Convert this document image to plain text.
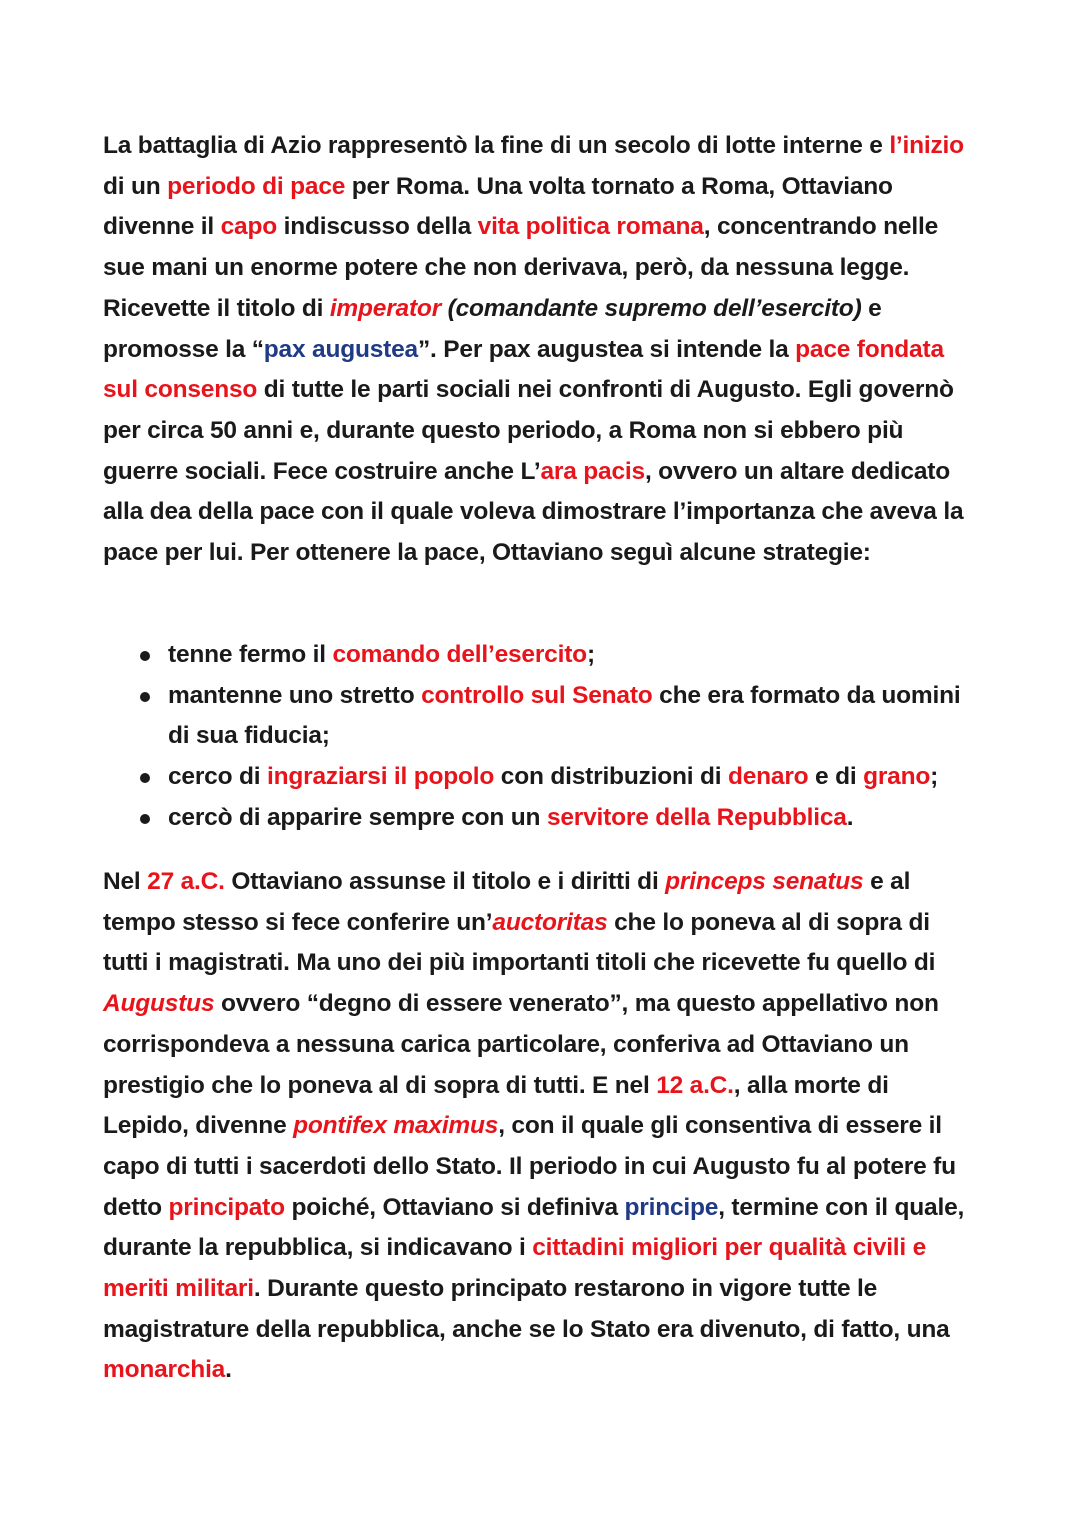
La battaglia di Azio rappresentò la fine di un secolo di lotte interne e l’inizio di un periodo di pace per Roma. Una volta tornato a Roma, Ottaviano divenne il capo indiscusso della vita politica romana, concentrando nelle sue mani un enorme potere che non derivava, però, da nessuna legge. Ricevette il titolo di imperator (comandante supremo dell’esercito) e promosse la “pax augustea”. Per pax augustea si intende la pace fondata sul consenso di tutte le parti sociali nei confronti di Augusto. Egli governò per circa 50 anni e, durante questo periodo, a Roma non si ebbero più guerre sociali. Fece costruire anche L’ara pacis, ovvero un altare dedicato alla dea della pace con il quale voleva dimostrare l’importanza che aveva la pace per lui. Per ottenere la pace, Ottaviano seguì alcune strategie:

tenne fermo il comando dell’esercito;
mantenne uno stretto controllo sul Senato che era formato da uomini di sua fiducia;
cerco di ingraziarsi il popolo con distribuzioni di denaro e di grano;
cercò di apparire sempre con un servitore della Repubblica.

Nel 27 a.C. Ottaviano assunse il titolo e i diritti di princeps senatus e al tempo stesso si fece conferire un’auctoritas che lo poneva al di sopra di tutti i magistrati. Ma uno dei più importanti titoli che ricevette fu quello di Augustus ovvero “degno di essere venerato”, ma questo appellativo non corrispondeva a nessuna carica particolare, conferiva ad Ottaviano un prestigio che lo poneva al di sopra di tutti. E nel 12 a.C., alla morte di Lepido, divenne pontifex maximus, con il quale gli consentiva di essere il capo di tutti i sacerdoti dello Stato. Il periodo in cui Augusto fu al potere fu detto principato poiché, Ottaviano si definiva principe, termine con il quale, durante la repubblica, si indicavano i cittadini migliori per qualità civili e meriti militari. Durante questo principato restarono in vigore tutte le magistrature della repubblica, anche se lo Stato era divenuto, di fatto, una monarchia.
